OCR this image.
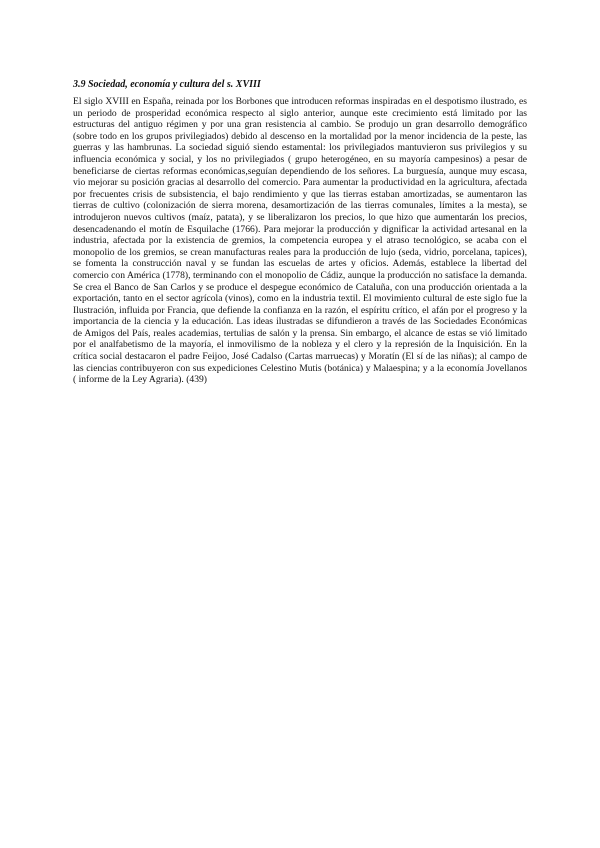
3.9 Sociedad, economía y cultura del s. XVIII

El siglo XVIII en España, reinada por los Borbones que introducen reformas inspiradas en el despotismo ilustrado, es un periodo de prosperidad económica respecto al siglo anterior, aunque este crecimiento está limitado por las estructuras del antiguo régimen y por una gran resistencia al cambio. Se produjo un gran desarrollo demográfico (sobre todo en los grupos privilegiados) debido al descenso en la mortalidad por la menor incidencia de la peste, las guerras y las hambrunas. La sociedad siguió siendo estamental: los privilegiados mantuvieron sus privilegios y su influencia económica y social, y los no privilegiados ( grupo heterogéneo, en su mayoría campesinos) a pesar de beneficiarse de ciertas reformas económicas,seguían dependiendo de los señores. La burguesía, aunque muy escasa, vio mejorar su posición gracias al desarrollo del comercio. Para aumentar la productividad en la agricultura, afectada por frecuentes crisis de subsistencia, el bajo rendimiento y que las tierras estaban amortizadas, se aumentaron las tierras de cultivo (colonización de sierra morena, desamortización de las tierras comunales, límites a la mesta), se introdujeron nuevos cultivos (maíz, patata), y se liberalizaron los precios, lo que hizo que aumentarán los precios, desencadenando el motín de Esquilache (1766). Para mejorar la producción y dignificar la actividad artesanal en la industria, afectada por la existencia de gremios, la competencia europea y el atraso tecnológico, se acaba con el monopolio de los gremios, se crean manufacturas reales para la producción de lujo (seda, vidrio, porcelana, tapices), se fomenta la construcción naval y se fundan las escuelas de artes y oficios. Además, establece la libertad del comercio con América (1778), terminando con el monopolio de Cádiz, aunque la producción no satisface la demanda. Se crea el Banco de San Carlos y se produce el despegue económico de Cataluña, con una producción orientada a la exportación, tanto en el sector agrícola (vinos), como en la industria textil. El movimiento cultural de este siglo fue la Ilustración, influida por Francia, que defiende la confianza en la razón, el espíritu crítico, el afán por el progreso y la importancia de la ciencia y la educación. Las ideas ilustradas se difundieron a través de las Sociedades Económicas de Amigos del País, reales academias, tertulias de salón y la prensa. Sin embargo, el alcance de estas se vió limitado por el analfabetismo de la mayoría, el inmovilismo de la nobleza y el clero y la represión de la Inquisición. En la crítica social destacaron el padre Feijoo, José Cadalso (Cartas marruecas) y Moratín (El sí de las niñas); al campo de las ciencias contribuyeron con sus expediciones Celestino Mutis (botánica) y Malaespina; y a la economía Jovellanos ( informe de la Ley Agraria). (439)
